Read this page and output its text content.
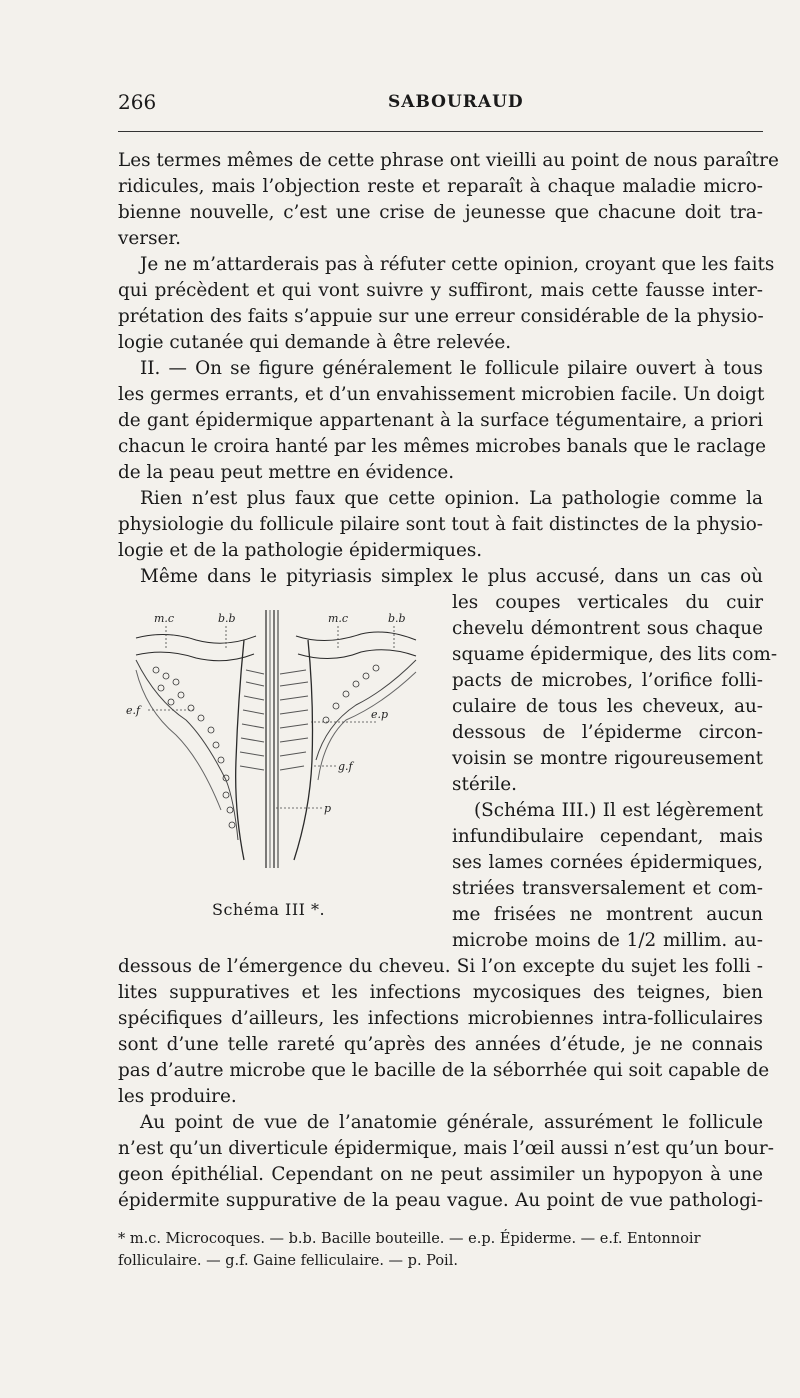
266	SABOURAUD
Les termes mêmes de cette phrase ont vieilli au point de nous paraître
ridicules, mais l’objection reste et reparaît à chaque maladie micro-
bienne nouvelle, c’est une crise de jeunesse que chacune doit tra-
verser.
Je ne m’attarderais pas à réfuter cette opinion, croyant que les faits
qui précèdent et qui vont suivre y suffiront, mais cette fausse inter-
prétation des faits s’appuie sur une erreur considérable de la physio-
logie cutanée qui demande à être relevée.
II. — On se figure généralement le follicule pilaire ouvert à tous
les germes errants, et d’un envahissement microbien facile. Un doigt
de gant épidermique appartenant à la surface tégumentaire, a priori
chacun le croira hanté par les mêmes microbes banals que le raclage
de la peau peut mettre en évidence.
Rien n’est plus faux que cette opinion. La pathologie comme la
physiologie du follicule pilaire sont tout à fait distinctes de la physio-
logie et de la pathologie épidermiques.
Même dans le pityriasis simplex le plus accusé, dans un cas où
les coupes verticales du cuir
chevelu démontrent sous chaque
squame épidermique, des lits com-
pacts de microbes, l’orifice folli-
culaire de tous les cheveux, au-
dessous de l’épiderme circon-
voisin se montre rigoureusement
stérile.
(Schéma III.) Il est légèrement
infundibulaire cependant, mais
ses lames cornées épidermiques,
striées transversalement et com-
me frisées ne montrent aucun
microbe moins de 1/2 millim. au-
m.c	b.b	m.c	b.b
e.f	e.p
g.f
p
Schéma III *.
dessous de l’émergence du cheveu. Si l’on excepte du sujet les folli -
lites suppuratives et les infections mycosiques des teignes, bien
spécifiques d’ailleurs, les infections microbiennes intra-folliculaires
sont d’une telle rareté qu’après des années d’étude, je ne connais
pas d’autre microbe que le bacille de la séborrhée qui soit capable de
les produire.
Au point de vue de l’anatomie générale, assurément le follicule
n’est qu’un diverticule épidermique, mais l’œil aussi n’est qu’un bour-
geon épithélial. Cependant on ne peut assimiler un hypopyon à une
épidermite suppurative de la peau vague. Au point de vue pathologi-
* m.c. Microcoques. — b.b. Bacille bouteille. — e.p. Épiderme. — e.f. Entonnoir
folliculaire. — g.f. Gaine felliculaire. — p. Poil.
